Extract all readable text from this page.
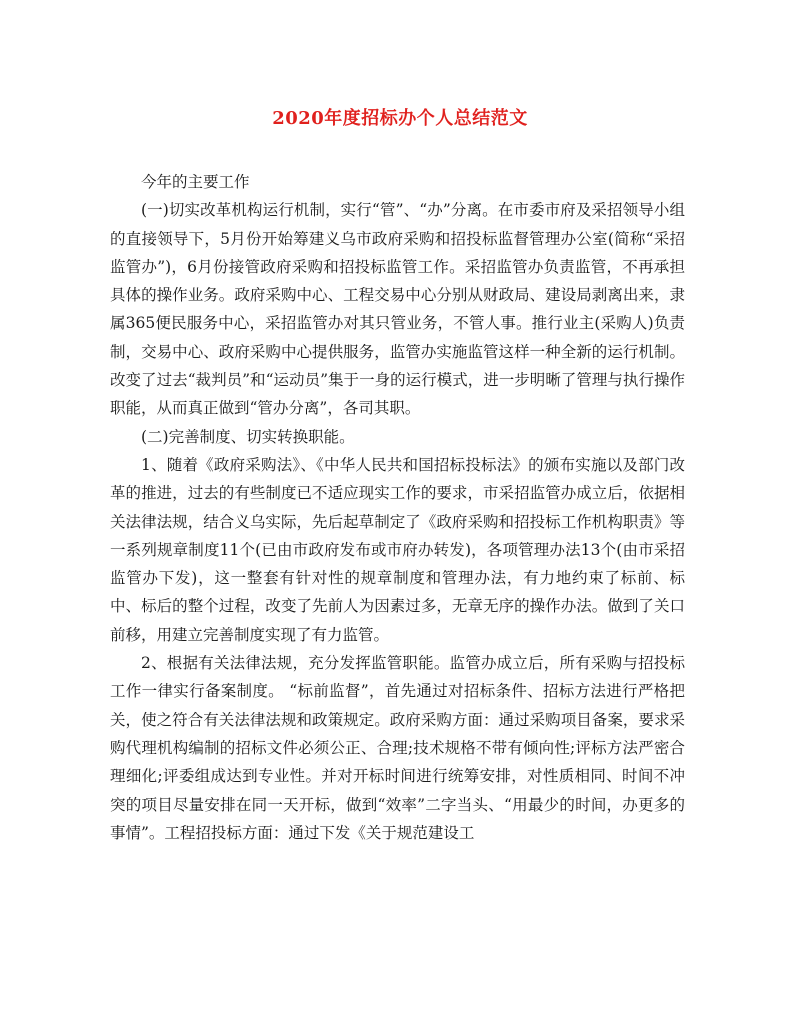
2020年度招标办个人总结范文

今年的主要工作

(一)切实改革机构运行机制，实行“管”、“办”分离。在市委市府及采招领导小组的直接领导下，5月份开始筹建义乌市政府采购和招投标监督管理办公室(简称“采招监管办”)，6月份接管政府采购和招投标监管工作。采招监管办负责监管，不再承担具体的操作业务。政府采购中心、工程交易中心分别从财政局、建设局剥离出来，隶属365便民服务中心，采招监管办对其只管业务，不管人事。推行业主(采购人)负责制，交易中心、政府采购中心提供服务，监管办实施监管这样一种全新的运行机制。改变了过去“裁判员”和“运动员”集于一身的运行模式，进一步明晰了管理与执行操作职能，从而真正做到“管办分离”，各司其职。

(二)完善制度、切实转换职能。

1、随着《政府采购法》、《中华人民共和国招标投标法》的颁布实施以及部门改革的推进，过去的有些制度已不适应现实工作的要求，市采招监管办成立后，依据相关法律法规，结合义乌实际，先后起草制定了《政府采购和招投标工作机构职责》等一系列规章制度11个(已由市政府发布或市府办转发)，各项管理办法13个(由市采招监管办下发)，这一整套有针对性的规章制度和管理办法，有力地约束了标前、标中、标后的整个过程，改变了先前人为因素过多，无章无序的操作办法。做到了关口前移，用建立完善制度实现了有力监管。

2、根据有关法律法规，充分发挥监管职能。监管办成立后，所有采购与招投标工作一律实行备案制度。 “标前监督”，首先通过对招标条件、招标方法进行严格把关，使之符合有关法律法规和政策规定。政府采购方面：通过采购项目备案，要求采购代理机构编制的招标文件必须公正、合理;技术规格不带有倾向性;评标方法严密合理细化;评委组成达到专业性。并对开标时间进行统筹安排，对性质相同、时间不冲突的项目尽量安排在同一天开标，做到“效率”二字当头、“用最少的时间，办更多的事情”。工程招投标方面：通过下发《关于规范建设工
